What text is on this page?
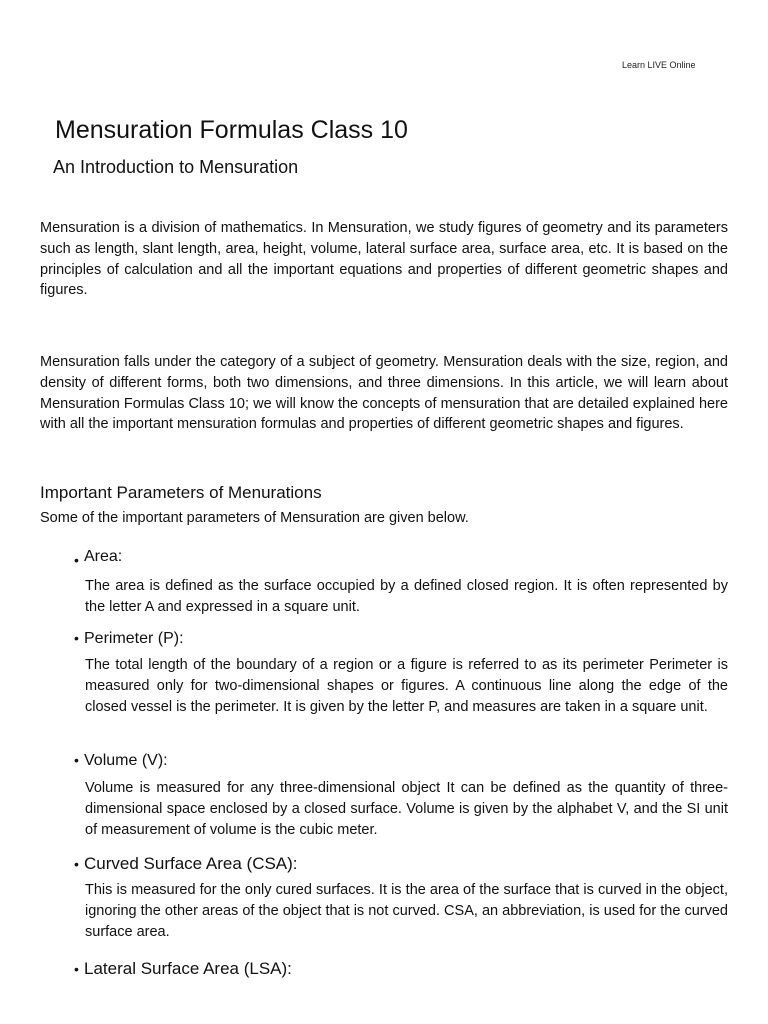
Learn LIVE Online
Mensuration Formulas Class 10
An Introduction to Mensuration

Mensuration is a division of mathematics. In Mensuration, we study figures of geometry and its parameters such as length, slant length, area, height, volume, lateral surface area, surface area, etc. It is based on the principles of calculation and all the important equations and properties of different geometric shapes and figures.

Mensuration falls under the category of a subject of geometry. Mensuration deals with the size, region, and density of different forms, both two dimensions, and three dimensions. In this article, we will learn about Mensuration Formulas Class 10; we will know the concepts of mensuration that are detailed explained here with all the important mensuration formulas and properties of different geometric shapes and figures.

Important Parameters of Menurations

Some of the important parameters of Mensuration are given below.

• Area:

The area is defined as the surface occupied by a defined closed region. It is often represented by the letter A and expressed in a square unit.

• Perimeter (P):

The total length of the boundary of a region or a figure is referred to as its perimeter Perimeter is measured only for two-dimensional shapes or figures. A continuous line along the edge of the closed vessel is the perimeter. It is given by the letter P, and measures are taken in a square unit.

• Volume (V):

Volume is measured for any three-dimensional object It can be defined as the quantity of three-dimensional space enclosed by a closed surface. Volume is given by the alphabet V, and the SI unit of measurement of volume is the cubic meter.

• Curved Surface Area (CSA):

This is measured for the only cured surfaces. It is the area of the surface that is curved in the object, ignoring the other areas of the object that is not curved. CSA, an abbreviation, is used for the curved surface area.

• Lateral Surface Area (LSA):
